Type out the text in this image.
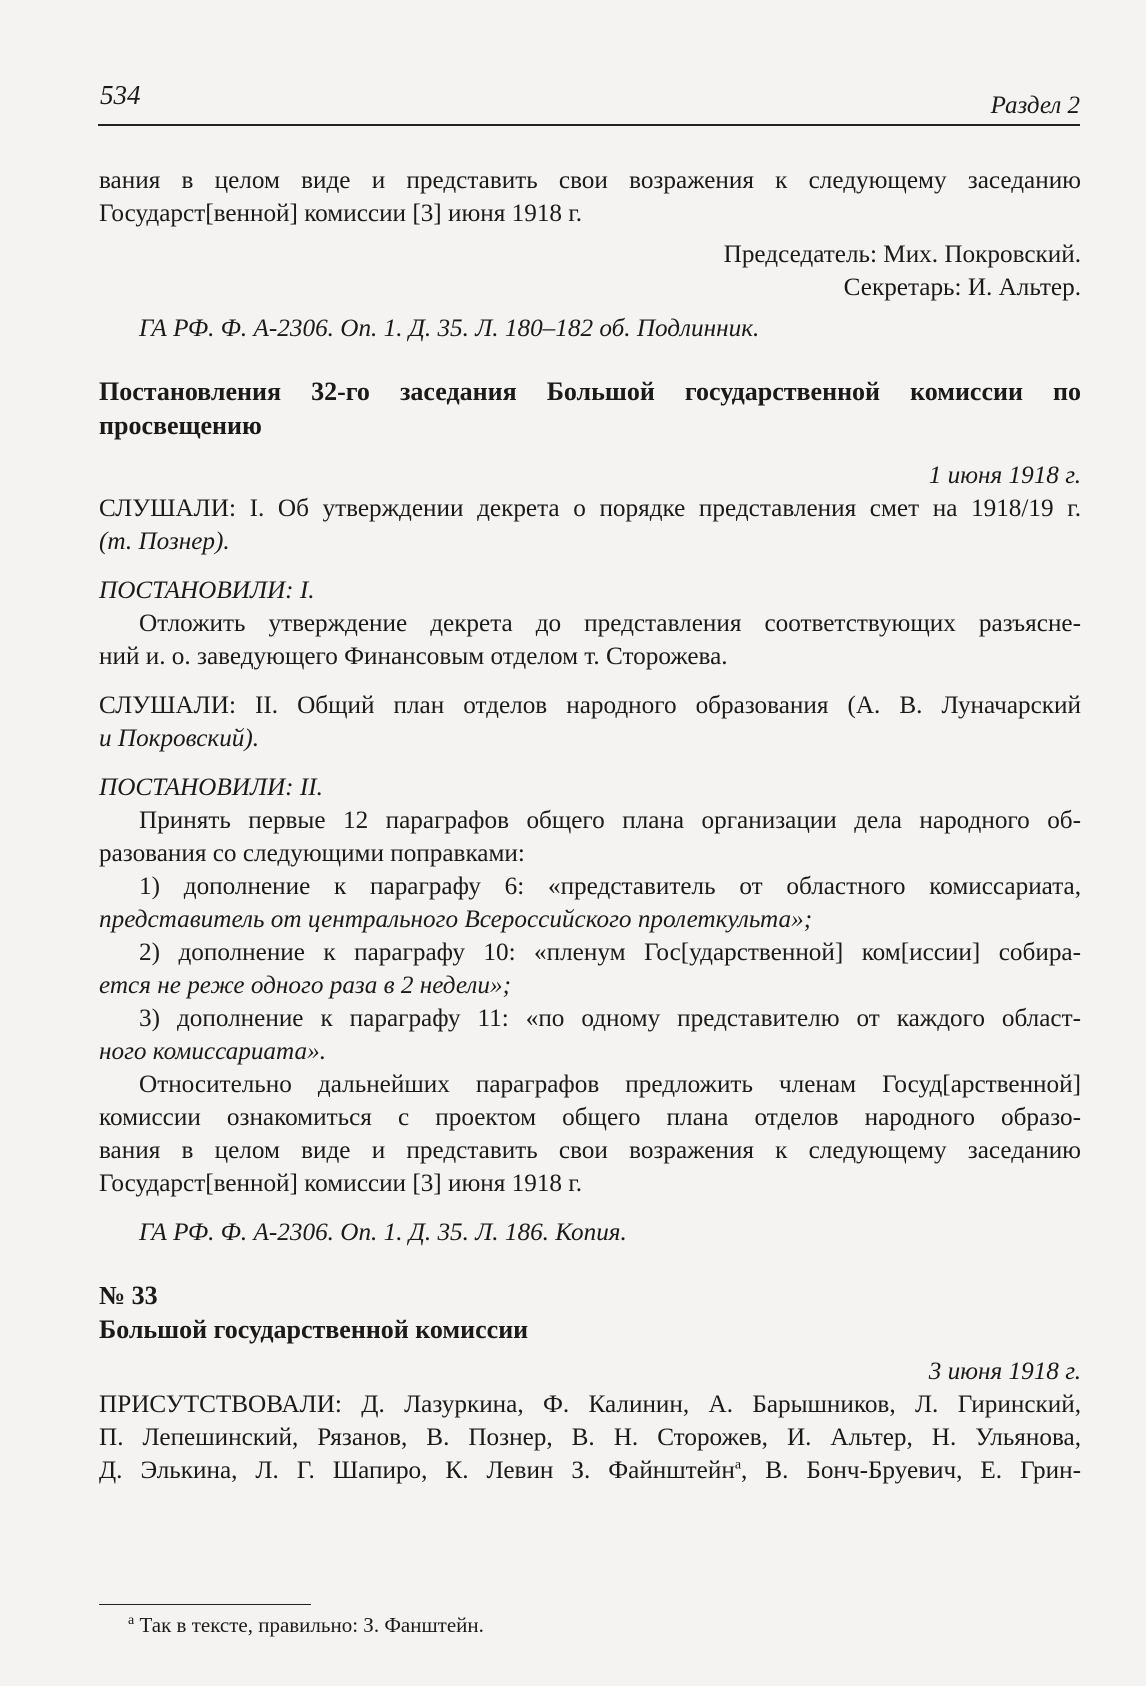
534	Раздел 2

вания в целом виде и представить свои возражения к следующему заседанию

Государст[венной] комиссии [3] июня 1918 г.

Председатель: Мих. Покровский.

Секретарь: И. Альтер.

ГА РФ. Ф. А-2306. Оп. 1. Д. 35. Л. 180–182 об. Подлинник.

Постановления 32-го заседания Большой государственной комиссии по

просвещению

1 июня 1918 г.

СЛУШАЛИ: I. Об утверждении декрета о порядке представления смет на 1918/19 г.

(т. Познер).

ПОСТАНОВИЛИ: I.

Отложить утверждение декрета до представления соответствующих разъясне-

ний и. о. заведующего Финансовым отделом т. Сторожева.

СЛУШАЛИ: II. Общий план отделов народного образования (А. В. Луначарский

и Покровский).

ПОСТАНОВИЛИ: II.

Принять первые 12 параграфов общего плана организации дела народного об-

разования со следующими поправками:

1) дополнение к параграфу 6: «представитель от областного комиссариата,

представитель от центрального Всероссийского пролеткульта»;

2) дополнение к параграфу 10: «пленум Гос[ударственной] ком[иссии] собира-

ется не реже одного раза в 2 недели»;

3) дополнение к параграфу 11: «по одному представителю от каждого област-

ного комиссариата».

Относительно дальнейших параграфов предложить членам Госуд[арственной]

комиссии ознакомиться с проектом общего плана отделов народного образо-

вания в целом виде и представить свои возражения к следующему заседанию

Государст[венной] комиссии [3] июня 1918 г.

ГА РФ. Ф. А-2306. Оп. 1. Д. 35. Л. 186. Копия.

№ 33

Большой государственной комиссии

3 июня 1918 г.

ПРИСУТСТВОВАЛИ: Д. Лазуркина, Ф. Калинин, А. Барышников, Л. Гиринский,

П. Лепешинский, Рязанов, В. Познер, В. Н. Сторожев, И. Альтер, Н. Ульянова,

Д. Элькина, Л. Г. Шапиро, К. Левин З. Файнштейн$^а$, В. Бонч-Бруевич, Е. Грин-

$^а$ Так в тексте, правильно: З. Фанштейн.
